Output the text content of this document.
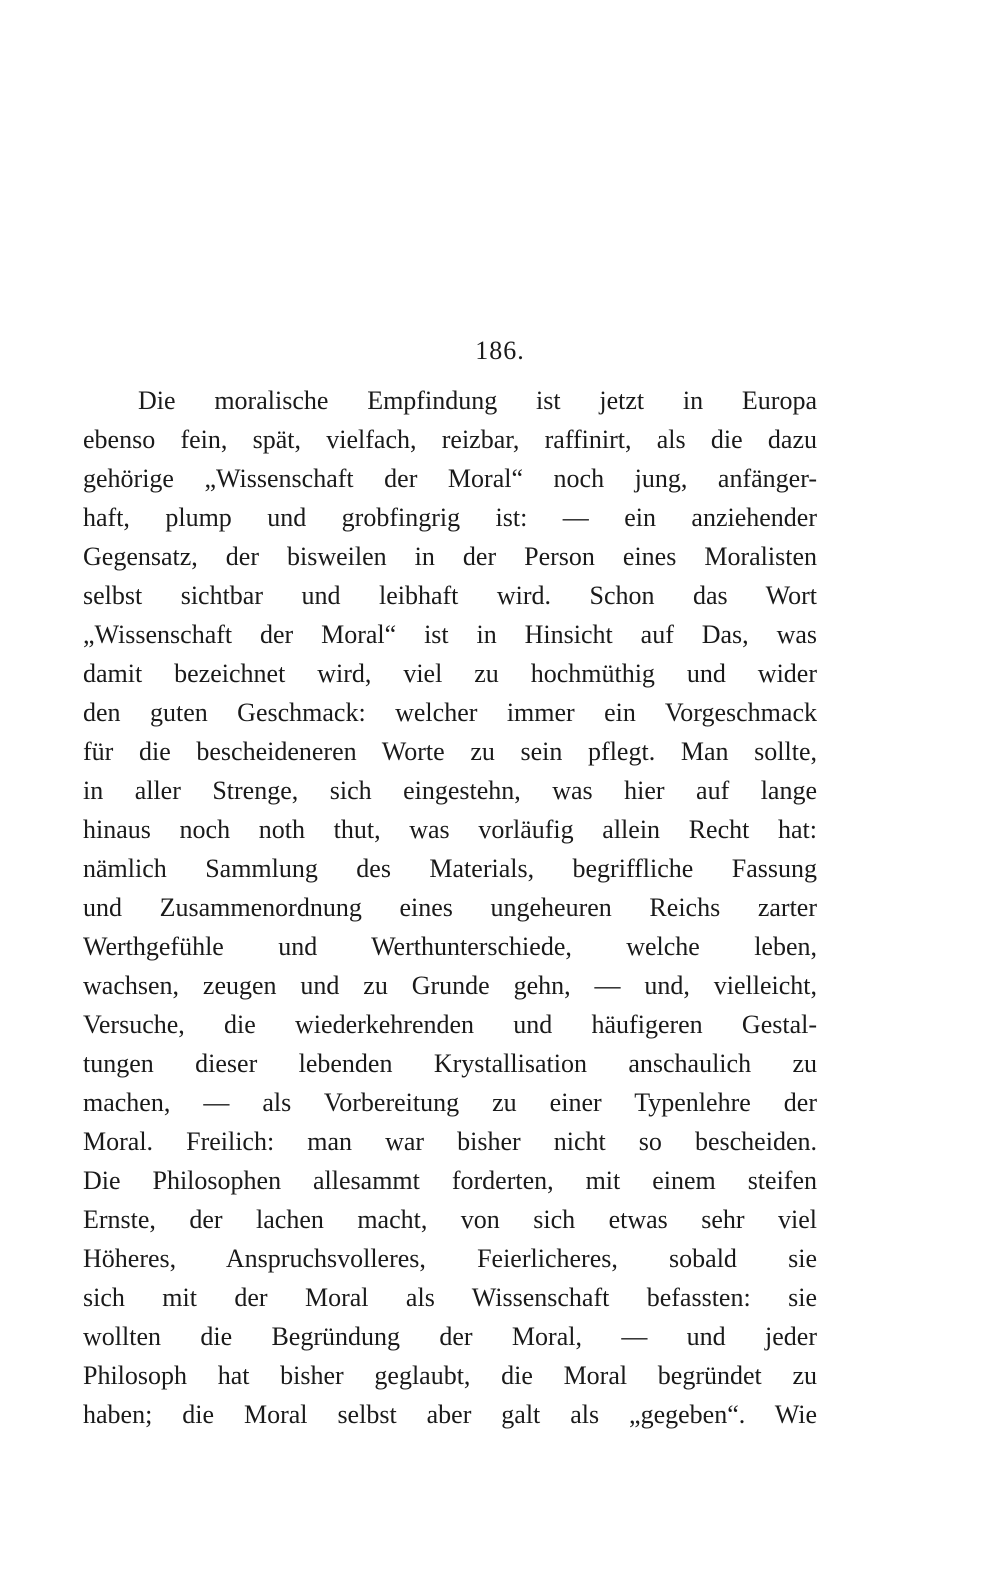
186.
Die moralische Empfindung ist jetzt in Europa
ebenso fein, spät, vielfach, reizbar, raffinirt, als die dazu
gehörige „Wissenschaft der Moral“ noch jung, anfänger-
haft, plump und grobfingrig ist: — ein anziehender
Gegensatz, der bisweilen in der Person eines Moralisten
selbst sichtbar und leibhaft wird. Schon das Wort
„Wissenschaft der Moral“ ist in Hinsicht auf Das, was
damit bezeichnet wird, viel zu hochmüthig und wider
den guten Geschmack: welcher immer ein Vorgeschmack
für die bescheideneren Worte zu sein pflegt. Man sollte,
in aller Strenge, sich eingestehn, was hier auf lange
hinaus noch noth thut, was vorläufig allein Recht hat:
nämlich Sammlung des Materials, begriffliche Fassung
und Zusammenordnung eines ungeheuren Reichs zarter
Werthgefühle und Werthunterschiede, welche leben,
wachsen, zeugen und zu Grunde gehn, — und, vielleicht,
Versuche, die wiederkehrenden und häufigeren Gestal-
tungen dieser lebenden Krystallisation anschaulich zu
machen, — als Vorbereitung zu einer Typenlehre der
Moral. Freilich: man war bisher nicht so bescheiden.
Die Philosophen allesammt forderten, mit einem steifen
Ernste, der lachen macht, von sich etwas sehr viel
Höheres, Anspruchsvolleres, Feierlicheres, sobald sie
sich mit der Moral als Wissenschaft befassten: sie
wollten die Begründung der Moral, — und jeder
Philosoph hat bisher geglaubt, die Moral begründet zu
haben; die Moral selbst aber galt als „gegeben“. Wie
